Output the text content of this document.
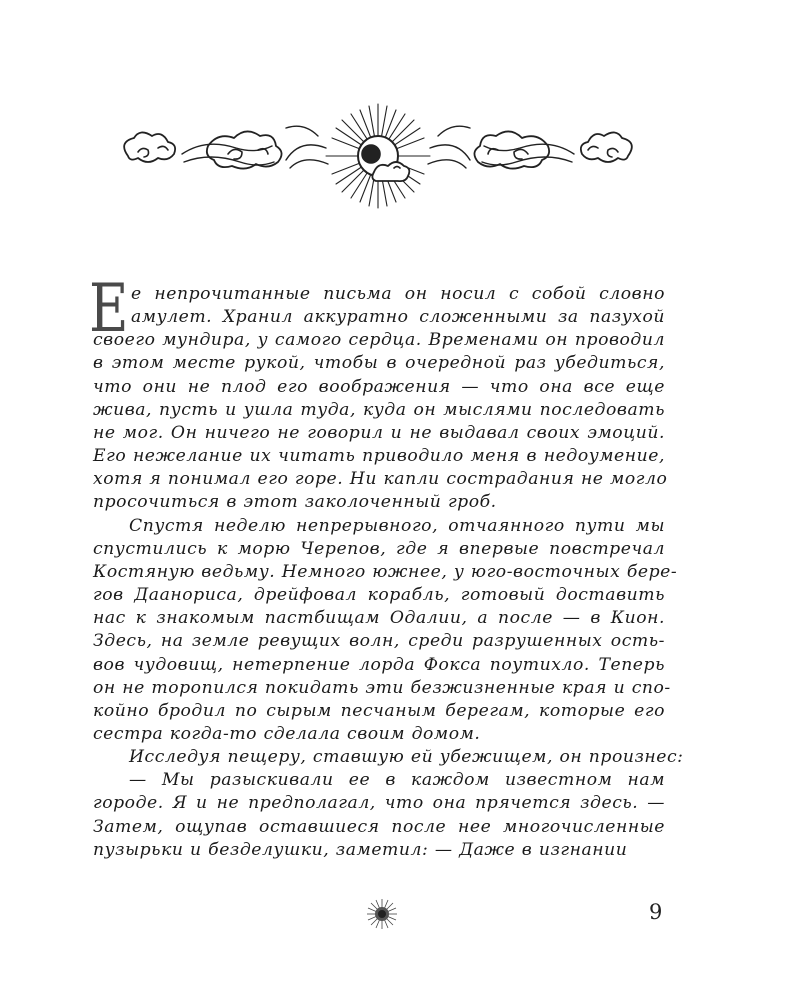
Е е непрочитанные письма он носил с собой словно
амулет. Хранил аккуратно сложенными за пазухой
своего мундира, у самого сердца. Временами он проводил
в этом месте рукой, чтобы в очередной раз убедиться,
что они не плод его воображения — что она все еще
жива, пусть и ушла туда, куда он мыслями последовать
не мог. Он ничего не говорил и не выдавал своих эмоций.
Его нежелание их читать приводило меня в недоумение,
хотя я понимал его горе. Ни капли сострадания не могло
просочиться в этот заколоченный гроб.
Спустя неделю непрерывного, отчаянного пути мы
спустились к морю Черепов, где я впервые повстречал
Костяную ведьму. Немного южнее, у юго-восточных бере-
гов Даанориса, дрейфовал корабль, готовый доставить
нас к знакомым пастбищам Одалии, а после — в Кион.
Здесь, на земле ревущих волн, среди разрушенных ость-
вов чудовищ, нетерпение лорда Фокса поутихло. Теперь
он не торопился покидать эти безжизненные края и спо-
койно бродил по сырым песчаным берегам, которые его
сестра когда-то сделала своим домом.
Исследуя пещеру, ставшую ей убежищем, он произнес:
— Мы разыскивали ее в каждом известном нам
городе. Я и не предполагал, что она прячется здесь. —
Затем, ощупав оставшиеся после нее многочисленные
пузырьки и безделушки, заметил: — Даже в изгнании
9
